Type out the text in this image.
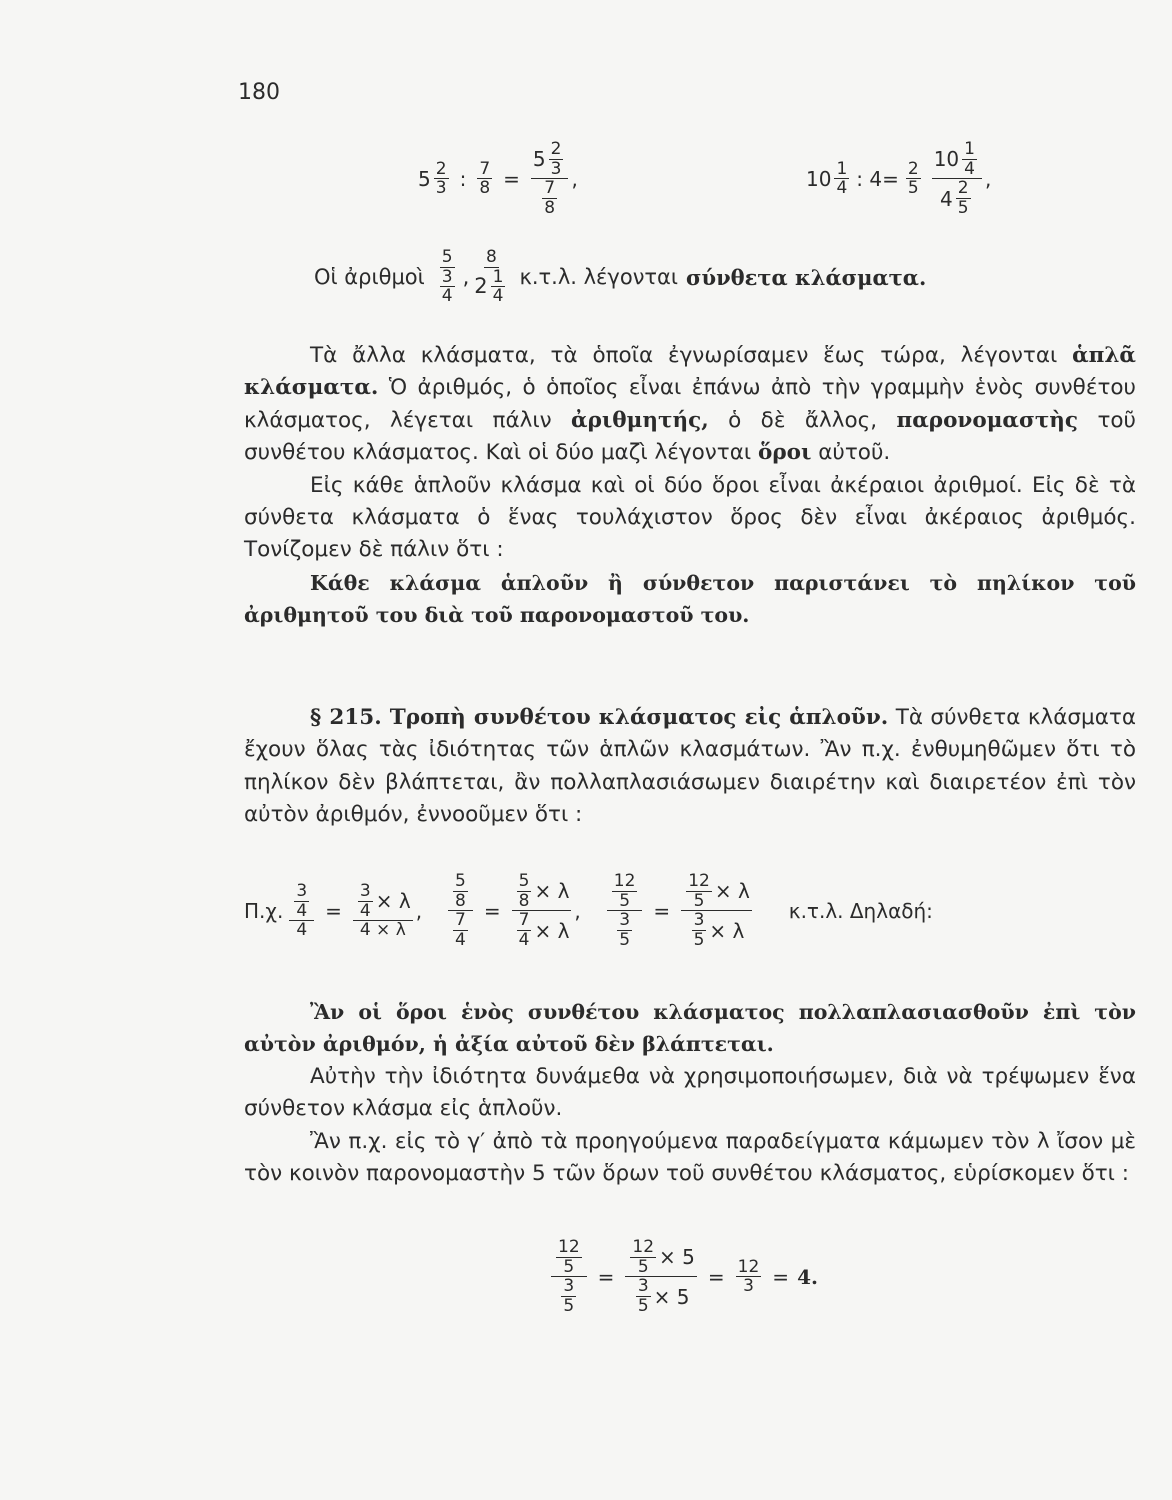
180
$5 \frac{2}{3}$ : $\frac{7}{8} = \frac{5 \frac{2}{3}}{\frac{7}{8}}$ ,	$10 \frac{1}{4}$ : $4= \frac{2}{5} \frac{10 \frac{1}{4}}{4 \frac{2}{5}}$ ,
Οἱ ἀριθμοὶ $\frac{5}{\frac{3}{4}}$ , $\frac{8}{2 \frac{1}{4}} \kappa.\tau.\lambda$. λέγονται σύνθετα κλάσματα.

Τὰ ἄλλα κλάσματα, τὰ ὁποῖα ἐγνωρίσαμεν ἕως τώρα, λέγονται ἁπλᾶ κλάσματα. Ὁ ἀριθμός, ὁ ὁποῖος εἶναι ἐπάνω ἀπὸ τὴν γραμμὴν ἑνὸς συνθέτου κλάσματος, λέγεται πάλιν ἀριθμητής, ὁ δὲ ἄλλος, παρονομαστὴς τοῦ συνθέτου κλάσματος. Καὶ οἱ δύο μαζὶ λέγονται ὅροι αὐτοῦ.

Εἰς κάθε ἁπλοῦν κλάσμα καὶ οἱ δύο ὅροι εἶναι ἀκέραιοι ἀριθμοί. Εἰς δὲ τὰ σύνθετα κλάσματα ὁ ἕνας τουλάχιστον ὅρος δὲν εἶναι ἀκέραιος ἀριθμός. Τονίζομεν δὲ πάλιν ὅτι :

Κάθε κλάσμα ἁπλοῦν ἢ σύνθετον παριστάνει τὸ πηλίκον τοῦ ἀριθμητοῦ του διὰ τοῦ παρονομαστοῦ του.

§ 215. Τροπὴ συνθέτου κλάσματος εἰς ἁπλοῦν. Τὰ σύνθετα κλάσματα ἔχουν ὅλας τὰς ἰδιότητας τῶν ἁπλῶν κλασμάτων. Ἂν π.χ. ἐνθυμηθῶμεν ὅτι τὸ πηλίκον δὲν βλάπτεται, ἂν πολλαπλασιάσωμεν διαιρέτην καὶ διαιρετέον ἐπὶ τὸν αὐτὸν ἀριθμόν, ἐννοοῦμεν ὅτι :

Π.χ. $\frac{\frac{3}{4}}{4} = \frac{\frac{3}{4} \times \lambda}{4 \times \lambda}$ , $\frac{\frac{5}{8}}{\frac{7}{4}} = \frac{\frac{5}{8} \times \lambda}{\frac{7}{4} \times \lambda}$ , $\frac{\frac{12}{5}}{\frac{3}{5}} = \frac{\frac{12}{5} \times \lambda}{\frac{3}{5} \times \lambda} \kappa.\tau.\lambda$. Δηλαδή:

Ἂν οἱ ὅροι ἑνὸς συνθέτου κλάσματος πολλαπλασιασθοῦν ἐπὶ τὸν αὐτὸν ἀριθμόν, ἡ ἀξία αὐτοῦ δὲν βλάπτεται.

Αὐτὴν τὴν ἰδιότητα δυνάμεθα νὰ χρησιμοποιήσωμεν, διὰ νὰ τρέψωμεν ἕνα σύνθετον κλάσμα εἰς ἁπλοῦν.

Ἂν π.χ. εἰς τὸ γ′ ἀπὸ τὰ προηγούμενα παραδείγματα κάμωμεν τὸν λ ἴσον μὲ τὸν κοινὸν παρονομαστὴν 5 τῶν ὅρων τοῦ συνθέτου κλάσματος, εὑρίσκομεν ὅτι :

$\frac{\frac{12}{5}}{\frac{3}{5}} = \frac{\frac{12}{5} \times 5}{\frac{3}{5} \times 5} = \frac{12}{3} = 4$.
